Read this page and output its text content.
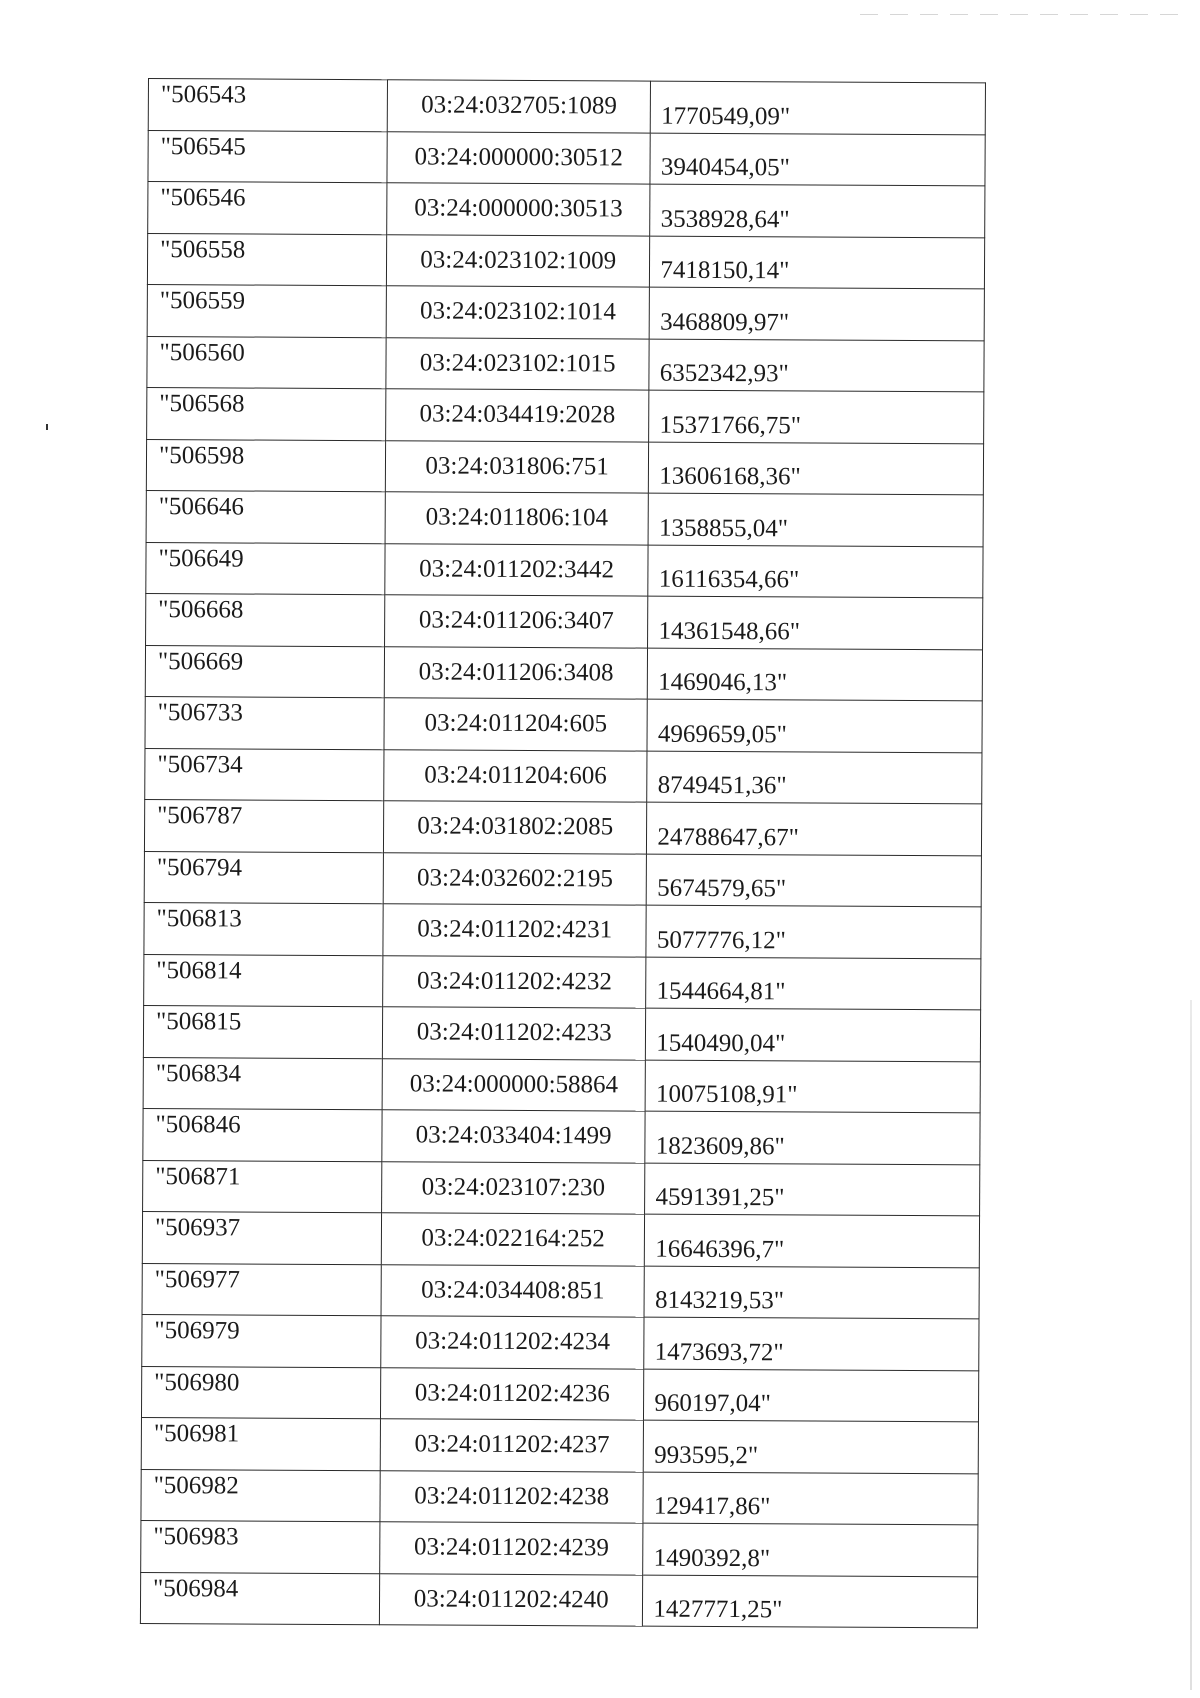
"506543	03:24:032705:1089	1770549,09"
"506545	03:24:000000:30512	3940454,05"
"506546	03:24:000000:30513	3538928,64"
"506558	03:24:023102:1009	7418150,14"
"506559	03:24:023102:1014	3468809,97"
"506560	03:24:023102:1015	6352342,93"
"506568	03:24:034419:2028	15371766,75"
"506598	03:24:031806:751	13606168,36"
"506646	03:24:011806:104	1358855,04"
"506649	03:24:011202:3442	16116354,66"
"506668	03:24:011206:3407	14361548,66"
"506669	03:24:011206:3408	1469046,13"
"506733	03:24:011204:605	4969659,05"
"506734	03:24:011204:606	8749451,36"
"506787	03:24:031802:2085	24788647,67"
"506794	03:24:032602:2195	5674579,65"
"506813	03:24:011202:4231	5077776,12"
"506814	03:24:011202:4232	1544664,81"
"506815	03:24:011202:4233	1540490,04"
"506834	03:24:000000:58864	10075108,91"
"506846	03:24:033404:1499	1823609,86"
"506871	03:24:023107:230	4591391,25"
"506937	03:24:022164:252	16646396,7"
"506977	03:24:034408:851	8143219,53"
"506979	03:24:011202:4234	1473693,72"
"506980	03:24:011202:4236	960197,04"
"506981	03:24:011202:4237	993595,2"
"506982	03:24:011202:4238	129417,86"
"506983	03:24:011202:4239	1490392,8"
"506984	03:24:011202:4240	1427771,25"
